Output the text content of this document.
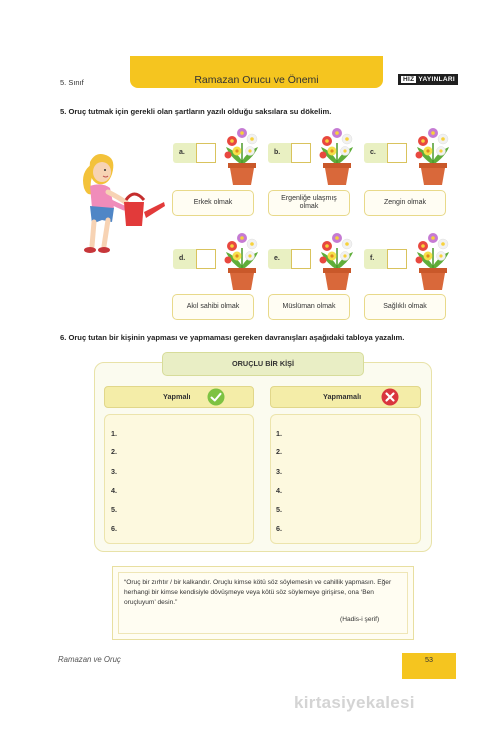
5. Sınıf	Ramazan Orucu ve Önemi	HIZ YAYINLARI
5. Oruç tutmak için gerekli olan şartların yazılı olduğu saksılara su dökelim.
a.
Erkek olmak
b.
Ergenliğe ulaşmış olmak
c.
Zengin olmak
d.
Akıl sahibi olmak
e.
Müslüman olmak
f.
Sağlıklı olmak
6. Oruç tutan bir kişinin yapması ve yapmaması gereken davranışları aşağıdaki tabloya yazalım.
ORUÇLU BİR KİŞİ
Yapmalı
1.
2.
3.
4.
5.
6.
Yapmamalı
1.
2.
3.
4.
5.
6.
“Oruç bir zırhtır / bir kalkandır. Oruçlu kimse kötü söz söylemesin ve cahillik yapmasın. Eğer herhangi bir kimse kendisiyle dövüşmeye veya kötü söz söylemeye girişirse, ona ‘Ben oruçluyum’ desin.”
(Hadis-i şerif)
Ramazan ve Oruç	53
kirtasiyekalesi
